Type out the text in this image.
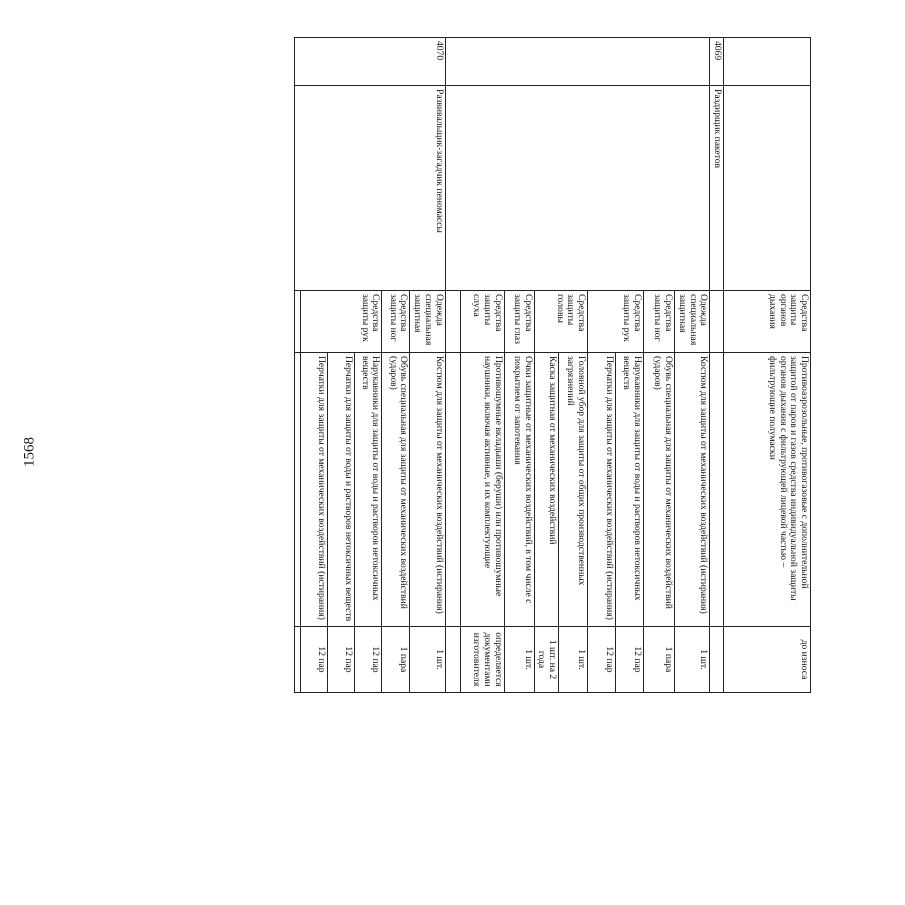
1568
		Средства защиты органов дыхания	Противоаэрозольные, противогазовые с дополнительной защитой от паров и газов средства индивидуальной защиты органов дыхания с фильтрующей лицевой частью – фильтрующие полумаски	до износа
4069	Раздирщик пакетов			
		Одежда специальная защитная	Костюм для защиты от механических воздействий (истирания)	1 шт.
		Средства защиты ног	Обувь специальная для защиты от механических воздействий (ударов)	1 пара
		Средства защиты рук	Нарукавники для защиты от воды и растворов нетоксичных веществ	12 пар
			Перчатки для защиты от механических воздействий (истирания)	12 пар
		Средства защиты головы	Головной убор для защиты от общих производственных загрязнений	1 шт.
			Каска защитная от механических воздействий	1 шт. на 2 года
		Средства защиты глаз	Очки защитные от механических воздействий, в том числе с покрытием от запотевания	1 шт.
		Средства защиты слуха	Противошумные вкладыши (беруши) или противошумные наушники, включая активные, и их комплектующие	определяется документами изготовителя

4070	Развивальщик-загадчик пеномассы	Одежда специальная защитная	Костюм для защиты от механических воздействий (истирания)	1 шт.
		Средства защиты ног	Обувь специальная для защиты от механических воздействий (ударов)	1 пара
		Средства защиты рук	Нарукавники для защиты от воды и растворов нетоксичных веществ	12 пар
			Перчатки для защиты от воды и растворов нетоксичных веществ	12 пар
			Перчатки для защиты от механических воздействий (истирания)	12 пар
